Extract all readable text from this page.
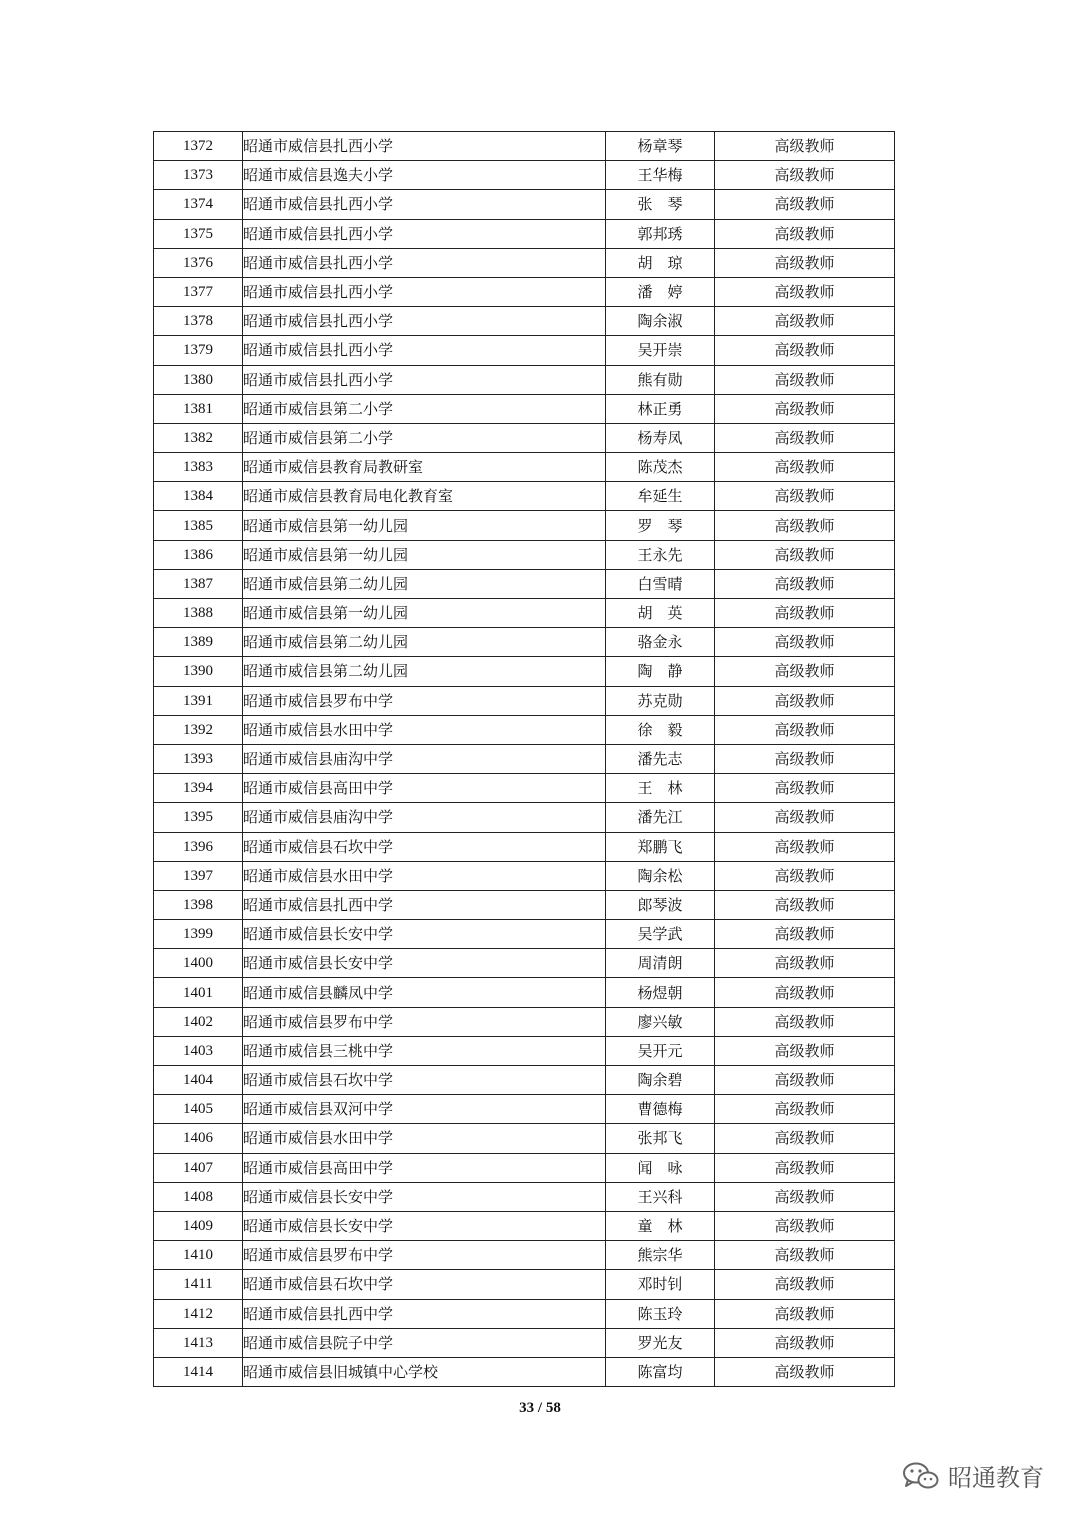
1372	昭通市威信县扎西小学	杨章琴	高级教师
1373	昭通市威信县逸夫小学	王华梅	高级教师
1374	昭通市威信县扎西小学	张　琴	高级教师
1375	昭通市威信县扎西小学	郭邦琇	高级教师
1376	昭通市威信县扎西小学	胡　琼	高级教师
1377	昭通市威信县扎西小学	潘　婷	高级教师
1378	昭通市威信县扎西小学	陶余淑	高级教师
1379	昭通市威信县扎西小学	吴开崇	高级教师
1380	昭通市威信县扎西小学	熊有勋	高级教师
1381	昭通市威信县第二小学	林正勇	高级教师
1382	昭通市威信县第二小学	杨寿凤	高级教师
1383	昭通市威信县教育局教研室	陈茂杰	高级教师
1384	昭通市威信县教育局电化教育室	牟延生	高级教师
1385	昭通市威信县第一幼儿园	罗　琴	高级教师
1386	昭通市威信县第一幼儿园	王永先	高级教师
1387	昭通市威信县第二幼儿园	白雪晴	高级教师
1388	昭通市威信县第一幼儿园	胡　英	高级教师
1389	昭通市威信县第二幼儿园	骆金永	高级教师
1390	昭通市威信县第二幼儿园	陶　静	高级教师
1391	昭通市威信县罗布中学	苏克勋	高级教师
1392	昭通市威信县水田中学	徐　毅	高级教师
1393	昭通市威信县庙沟中学	潘先志	高级教师
1394	昭通市威信县高田中学	王　林	高级教师
1395	昭通市威信县庙沟中学	潘先江	高级教师
1396	昭通市威信县石坎中学	郑鹏飞	高级教师
1397	昭通市威信县水田中学	陶余松	高级教师
1398	昭通市威信县扎西中学	郎琴波	高级教师
1399	昭通市威信县长安中学	吴学武	高级教师
1400	昭通市威信县长安中学	周清朗	高级教师
1401	昭通市威信县麟凤中学	杨煜朝	高级教师
1402	昭通市威信县罗布中学	廖兴敏	高级教师
1403	昭通市威信县三桃中学	吴开元	高级教师
1404	昭通市威信县石坎中学	陶余碧	高级教师
1405	昭通市威信县双河中学	曹德梅	高级教师
1406	昭通市威信县水田中学	张邦飞	高级教师
1407	昭通市威信县高田中学	闻　咏	高级教师
1408	昭通市威信县长安中学	王兴科	高级教师
1409	昭通市威信县长安中学	童　林	高级教师
1410	昭通市威信县罗布中学	熊宗华	高级教师
1411	昭通市威信县石坎中学	邓时钊	高级教师
1412	昭通市威信县扎西中学	陈玉玲	高级教师
1413	昭通市威信县院子中学	罗光友	高级教师
1414	昭通市威信县旧城镇中心学校	陈富均	高级教师
33 / 58
昭通教育
